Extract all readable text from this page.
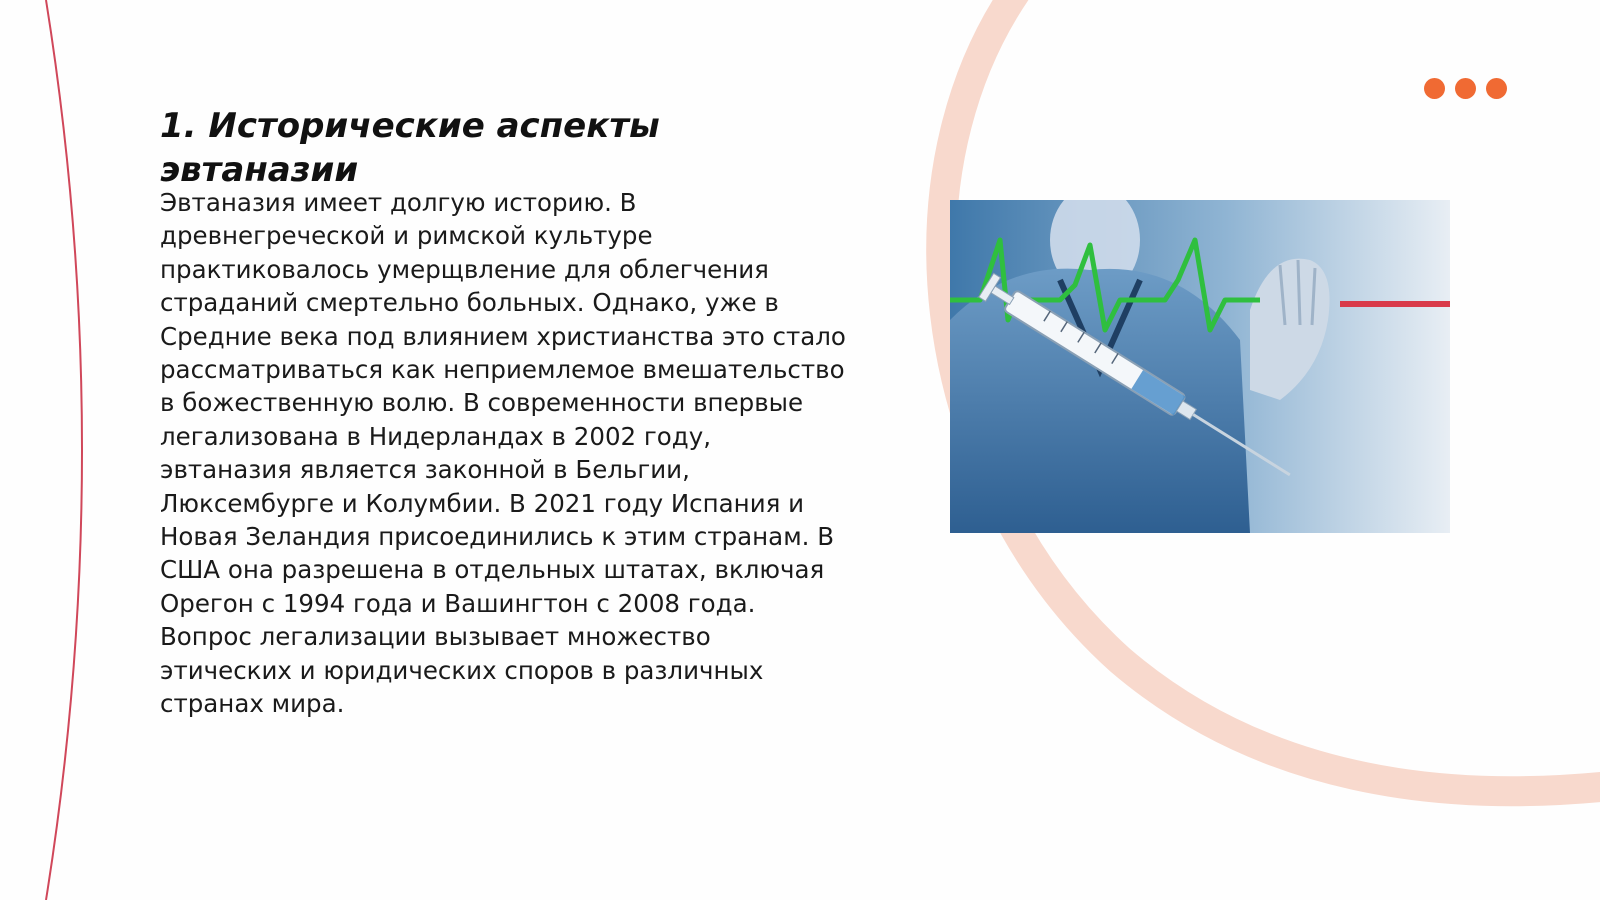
1. Исторические аспекты эвтаназии

Эвтаназия имеет долгую историю. В древнегреческой и римской культуре практиковалось умерщвление для облегчения страданий смертельно больных. Однако, уже в Средние века под влиянием христианства это стало рассматриваться как неприемлемое вмешательство в божественную волю. В современности впервые легализована в Нидерландах в 2002 году, эвтаназия является законной в Бельгии, Люксембурге и Колумбии. В 2021 году Испания и Новая Зеландия присоединились к этим странам. В США она разрешена в отдельных штатах, включая Орегон с 1994 года и Вашингтон с 2008 года. Вопрос легализации вызывает множество этических и юридических споров в различных странах мира.
